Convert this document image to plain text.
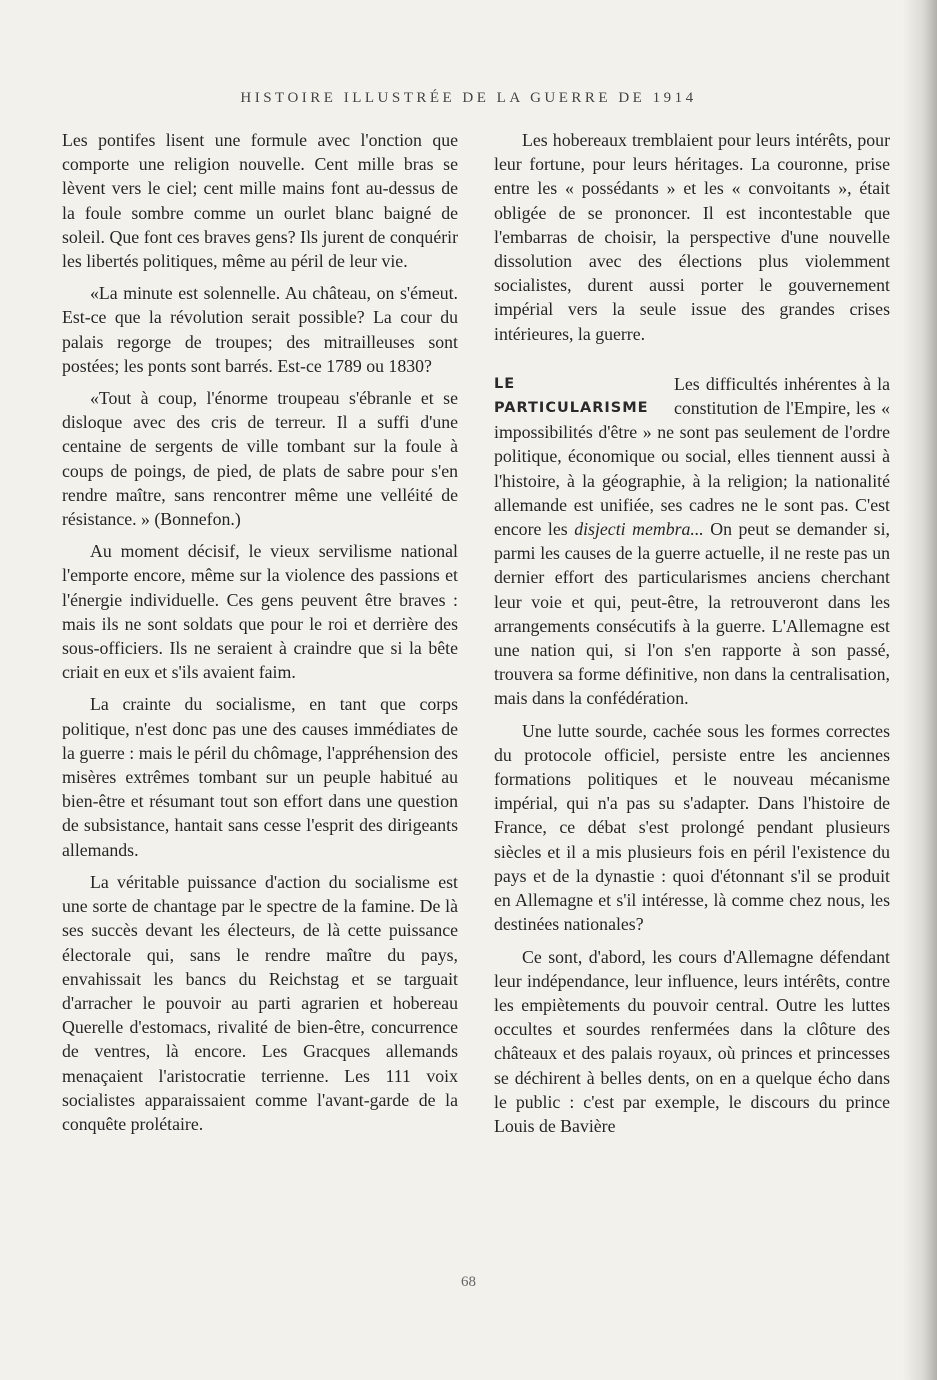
HISTOIRE ILLUSTRÉE DE LA GUERRE DE 1914

Les pontifes lisent une formule avec l'onction que comporte une religion nouvelle. Cent mille bras se lèvent vers le ciel; cent mille mains font au-dessus de la foule sombre comme un ourlet blanc baigné de soleil. Que font ces braves gens? Ils jurent de conquérir les libertés politiques, même au péril de leur vie.

«La minute est solennelle. Au château, on s'émeut. Est-ce que la révolution serait possible? La cour du palais regorge de troupes; des mitrailleuses sont postées; les ponts sont barrés. Est-ce 1789 ou 1830?

«Tout à coup, l'énorme troupeau s'ébranle et se disloque avec des cris de terreur. Il a suffi d'une centaine de sergents de ville tombant sur la foule à coups de poings, de pied, de plats de sabre pour s'en rendre maître, sans rencontrer même une velléité de résistance. » (Bonnefon.)

Au moment décisif, le vieux servilisme national l'emporte encore, même sur la violence des passions et l'énergie individuelle. Ces gens peuvent être braves : mais ils ne sont soldats que pour le roi et derrière des sous-officiers. Ils ne seraient à craindre que si la bête criait en eux et s'ils avaient faim.

La crainte du socialisme, en tant que corps politique, n'est donc pas une des causes immédiates de la guerre : mais le péril du chômage, l'appréhension des misères extrêmes tombant sur un peuple habitué au bien-être et résumant tout son effort dans une question de subsistance, hantait sans cesse l'esprit des dirigeants allemands.

La véritable puissance d'action du socialisme est une sorte de chantage par le spectre de la famine. De là ses succès devant les électeurs, de là cette puissance électorale qui, sans le rendre maître du pays, envahissait les bancs du Reichstag et se targuait d'arracher le pouvoir au parti agrarien et hobereau Querelle d'estomacs, rivalité de bien-être, concurrence de ventres, là encore. Les Gracques allemands menaçaient l'aristocratie terrienne. Les 111 voix socialistes apparaissaient comme l'avant-garde de la conquête prolétaire.

Les hobereaux tremblaient pour leurs intérêts, pour leur fortune, pour leurs héritages. La couronne, prise entre les « possédants » et les « convoitants », était obligée de se prononcer. Il est incontestable que l'embarras de choisir, la perspective d'une nouvelle dissolution avec des élections plus violemment socialistes, durent aussi porter le gouvernement impérial vers la seule issue des grandes crises intérieures, la guerre.

LE
PARTICULARISME

Les difficultés inhérentes à la constitution de l'Empire, les « impossibilités d'être » ne sont pas seulement de l'ordre politique, économique ou social, elles tiennent aussi à l'histoire, à la géographie, à la religion; la nationalité allemande est unifiée, ses cadres ne le sont pas. C'est encore les disjecti membra... On peut se demander si, parmi les causes de la guerre actuelle, il ne reste pas un dernier effort des particularismes anciens cherchant leur voie et qui, peut-être, la retrouveront dans les arrangements consécutifs à la guerre. L'Allemagne est une nation qui, si l'on s'en rapporte à son passé, trouvera sa forme définitive, non dans la centralisation, mais dans la confédération.

Une lutte sourde, cachée sous les formes correctes du protocole officiel, persiste entre les anciennes formations politiques et le nouveau mécanisme impérial, qui n'a pas su s'adapter. Dans l'histoire de France, ce débat s'est prolongé pendant plusieurs siècles et il a mis plusieurs fois en péril l'existence du pays et de la dynastie : quoi d'étonnant s'il se produit en Allemagne et s'il intéresse, là comme chez nous, les destinées nationales?

Ce sont, d'abord, les cours d'Allemagne défendant leur indépendance, leur influence, leurs intérêts, contre les empiètements du pouvoir central. Outre les luttes occultes et sourdes renfermées dans la clôture des châteaux et des palais royaux, où princes et princesses se déchirent à belles dents, on en a quelque écho dans le public : c'est par exemple, le discours du prince Louis de Bavière

68
